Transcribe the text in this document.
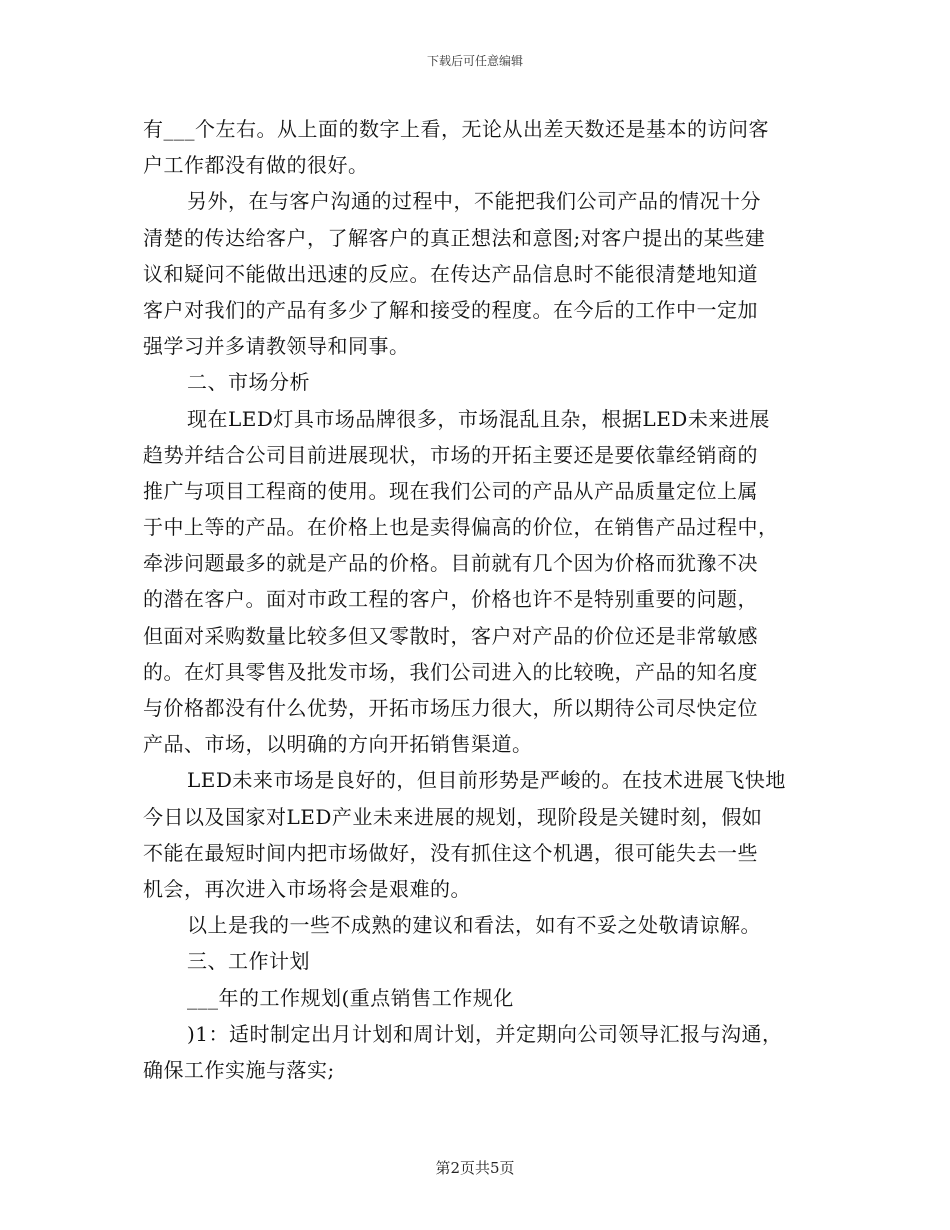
下载后可任意编辑
有___个左右。从上面的数字上看，无论从出差天数还是基本的访问客
户工作都没有做的很好。
另外，在与客户沟通的过程中，不能把我们公司产品的情况十分
清楚的传达给客户，了解客户的真正想法和意图;对客户提出的某些建
议和疑问不能做出迅速的反应。在传达产品信息时不能很清楚地知道
客户对我们的产品有多少了解和接受的程度。在今后的工作中一定加
强学习并多请教领导和同事。
二、市场分析
现在LED灯具市场品牌很多，市场混乱且杂，根据LED未来进展
趋势并结合公司目前进展现状，市场的开拓主要还是要依靠经销商的
推广与项目工程商的使用。现在我们公司的产品从产品质量定位上属
于中上等的产品。在价格上也是卖得偏高的价位，在销售产品过程中，
牵涉问题最多的就是产品的价格。目前就有几个因为价格而犹豫不决
的潜在客户。面对市政工程的客户，价格也许不是特别重要的问题，
但面对采购数量比较多但又零散时，客户对产品的价位还是非常敏感
的。在灯具零售及批发市场，我们公司进入的比较晚，产品的知名度
与价格都没有什么优势，开拓市场压力很大，所以期待公司尽快定位
产品、市场，以明确的方向开拓销售渠道。
LED未来市场是良好的，但目前形势是严峻的。在技术进展飞快地
今日以及国家对LED产业未来进展的规划，现阶段是关键时刻，假如
不能在最短时间内把市场做好，没有抓住这个机遇，很可能失去一些
机会，再次进入市场将会是艰难的。
以上是我的一些不成熟的建议和看法，如有不妥之处敬请谅解。
三、工作计划
___年的工作规划(重点销售工作规化
)1：适时制定出月计划和周计划，并定期向公司领导汇报与沟通，
确保工作实施与落实;
第2页共5页
